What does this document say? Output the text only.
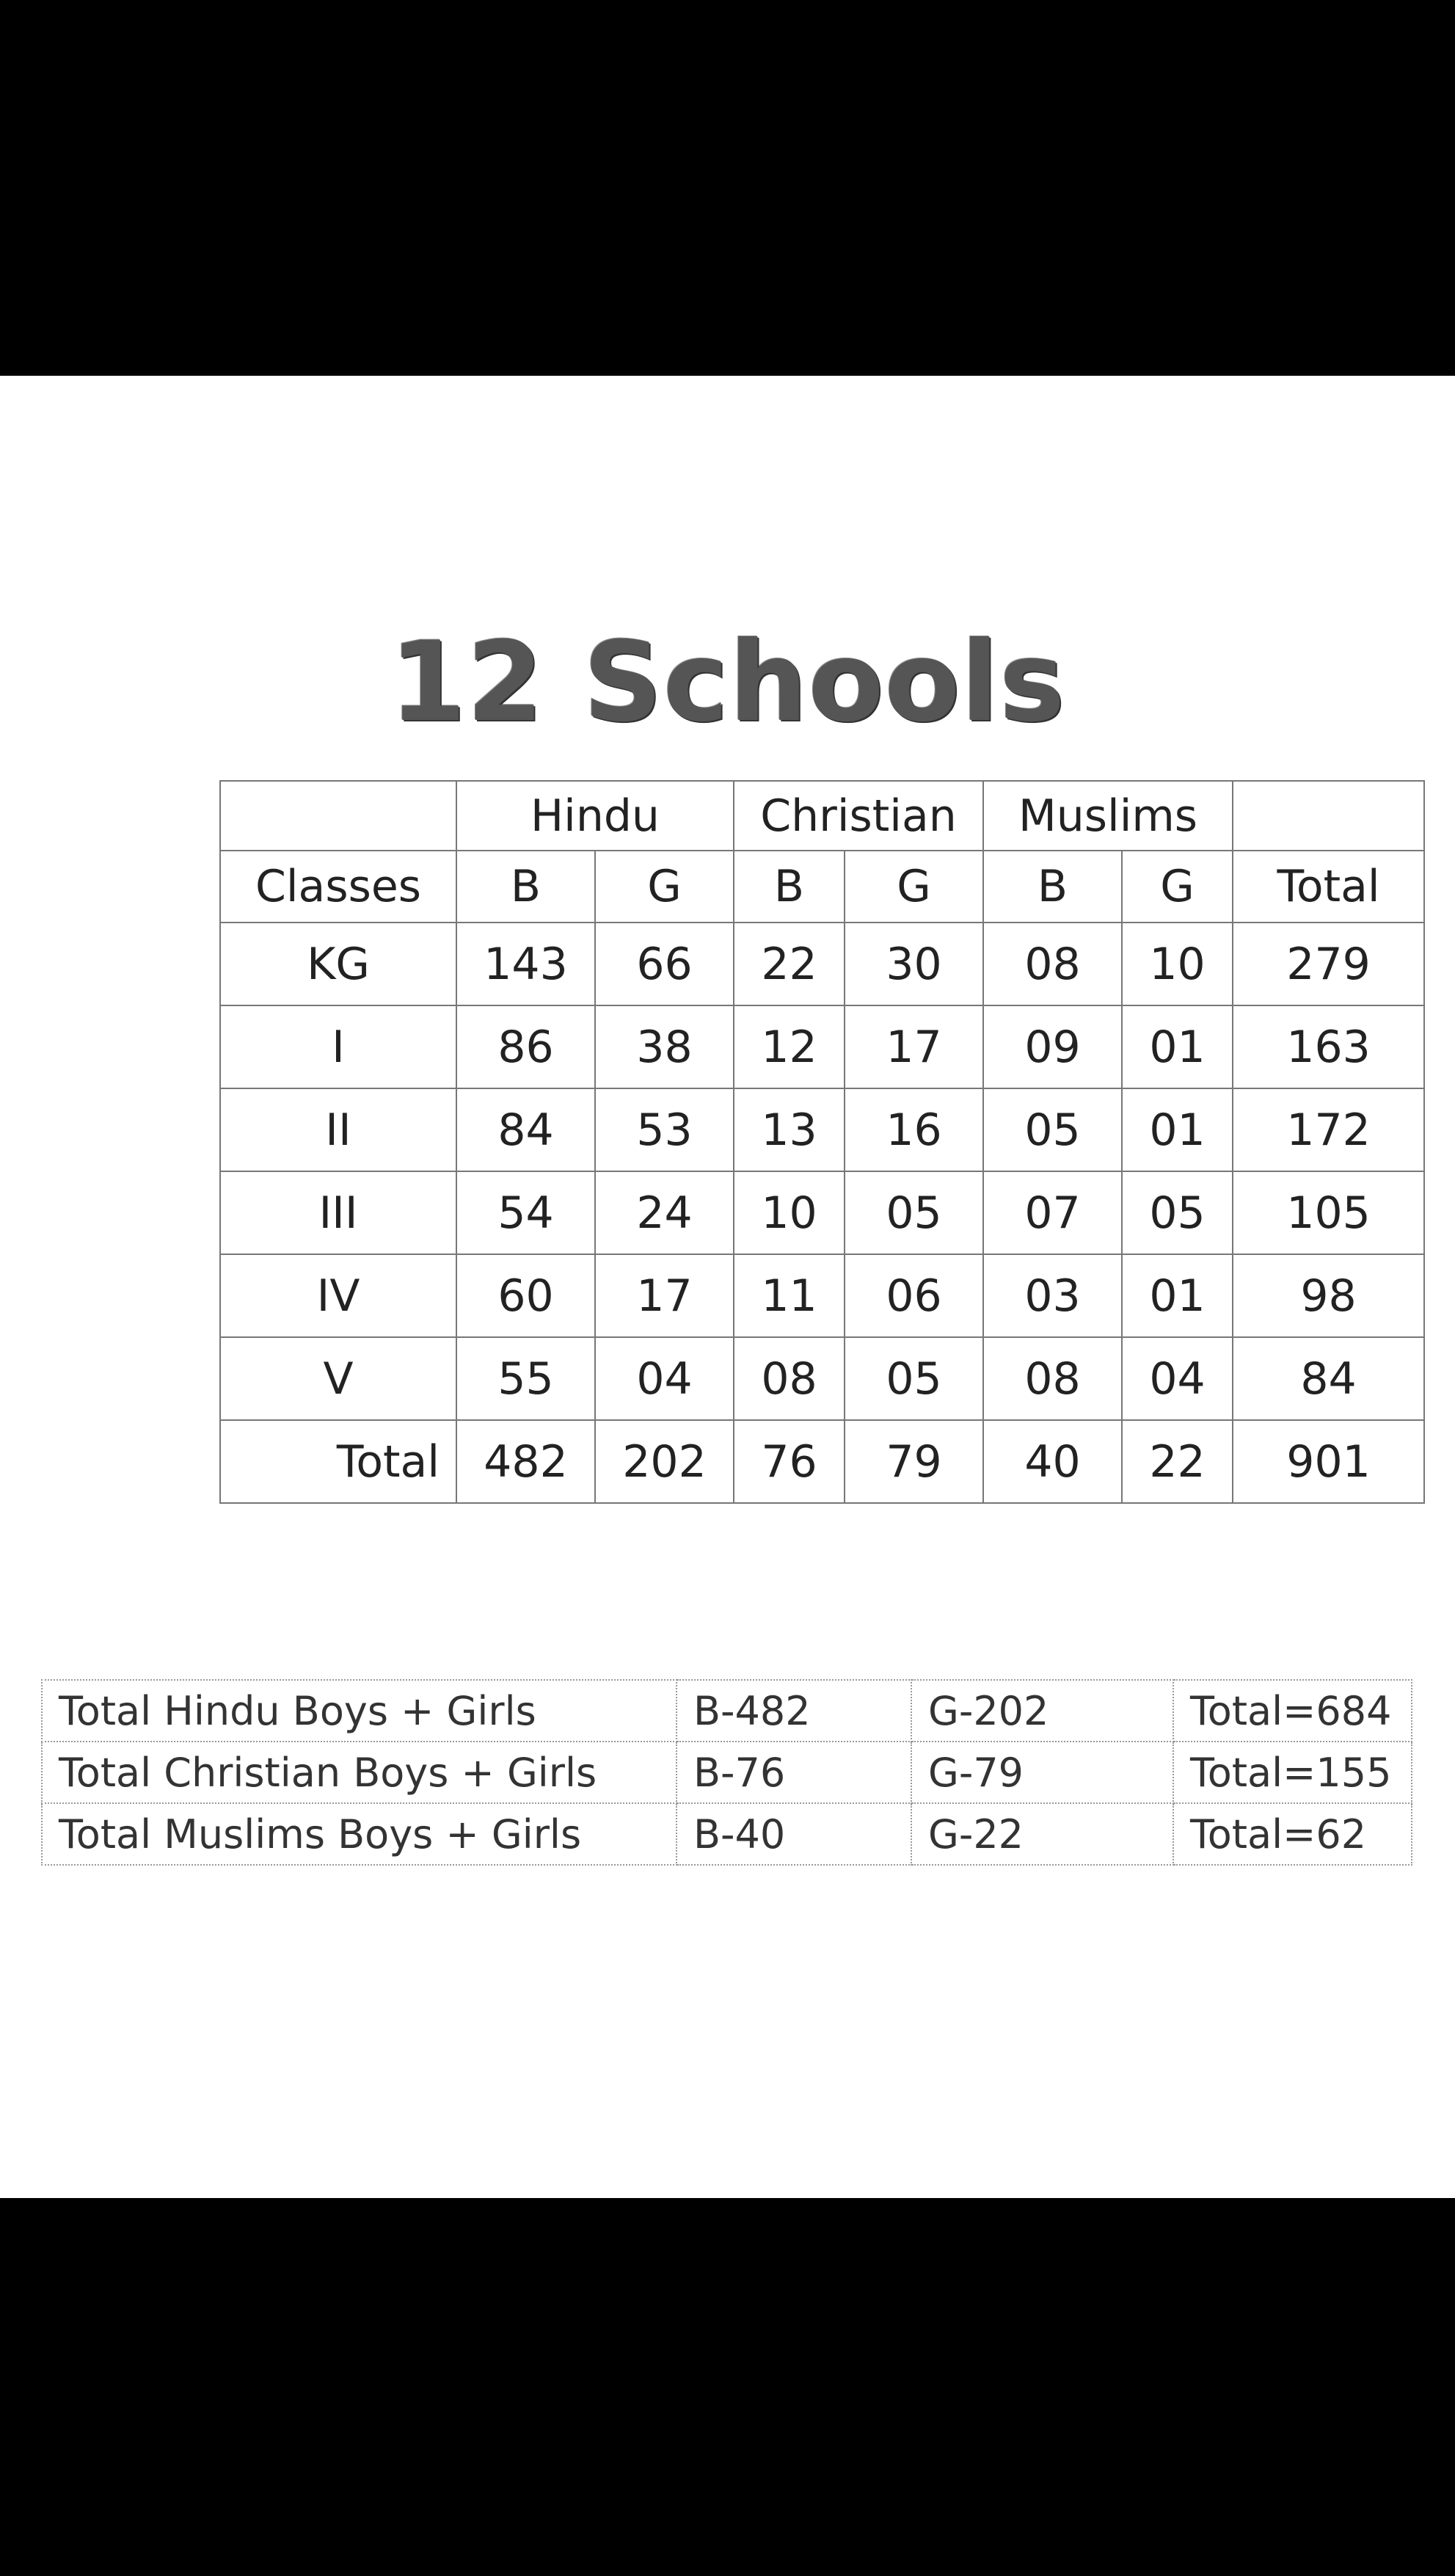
12 Schools
	Hindu		Christian		Muslims		
Classes	B	G	B	G	B	G	Total
KG	143	66	22	30	08	10	279
I	86	38	12	17	09	01	163
II	84	53	13	16	05	01	172
III	54	24	10	05	07	05	105
IV	60	17	11	06	03	01	98
V	55	04	08	05	08	04	84
Total	482	202	76	79	40	22	901
Total Hindu Boys + Girls	B-482	G-202	Total=684
Total Christian Boys + Girls	B-76	G-79	Total=155
Total Muslims Boys + Girls	B-40	G-22	Total=62
